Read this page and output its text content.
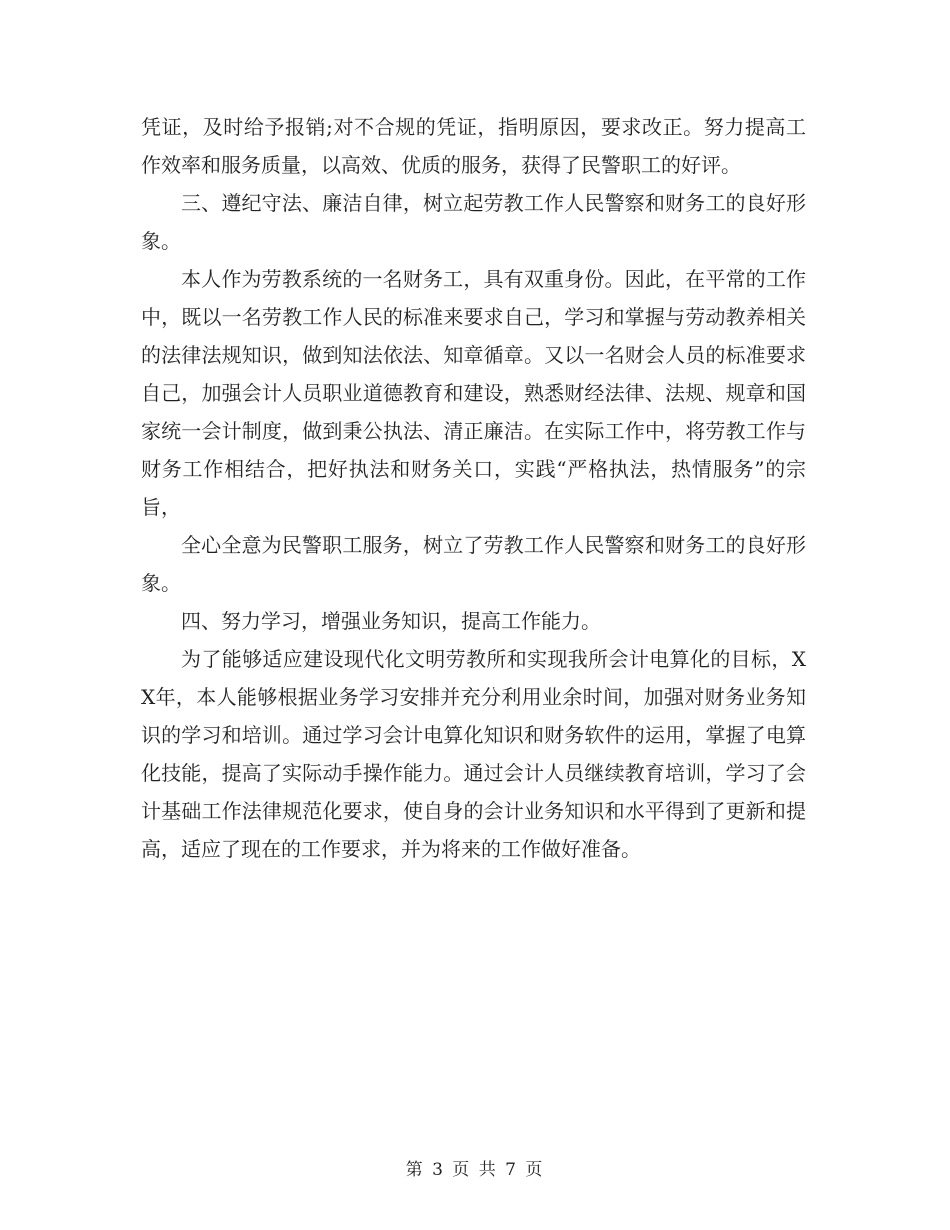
凭证，及时给予报销;对不合规的凭证，指明原因，要求改正。努力提高工作效率和服务质量，以高效、优质的服务，获得了民警职工的好评。

三、遵纪守法、廉洁自律，树立起劳教工作人民警察和财务工的良好形象。

本人作为劳教系统的一名财务工，具有双重身份。因此，在平常的工作中，既以一名劳教工作人民的标准来要求自己，学习和掌握与劳动教养相关的法律法规知识，做到知法依法、知章循章。又以一名财会人员的标准要求自己，加强会计人员职业道德教育和建设，熟悉财经法律、法规、规章和国家统一会计制度，做到秉公执法、清正廉洁。在实际工作中，将劳教工作与财务工作相结合，把好执法和财务关口，实践“严格执法，热情服务”的宗旨，

全心全意为民警职工服务，树立了劳教工作人民警察和财务工的良好形象。

四、努力学习，增强业务知识，提高工作能力。

为了能够适应建设现代化文明劳教所和实现我所会计电算化的目标，XX年，本人能够根据业务学习安排并充分利用业余时间，加强对财务业务知识的学习和培训。通过学习会计电算化知识和财务软件的运用，掌握了电算化技能，提高了实际动手操作能力。通过会计人员继续教育培训，学习了会计基础工作法律规范化要求，使自身的会计业务知识和水平得到了更新和提高，适应了现在的工作要求，并为将来的工作做好准备。

第 3 页 共 7 页
